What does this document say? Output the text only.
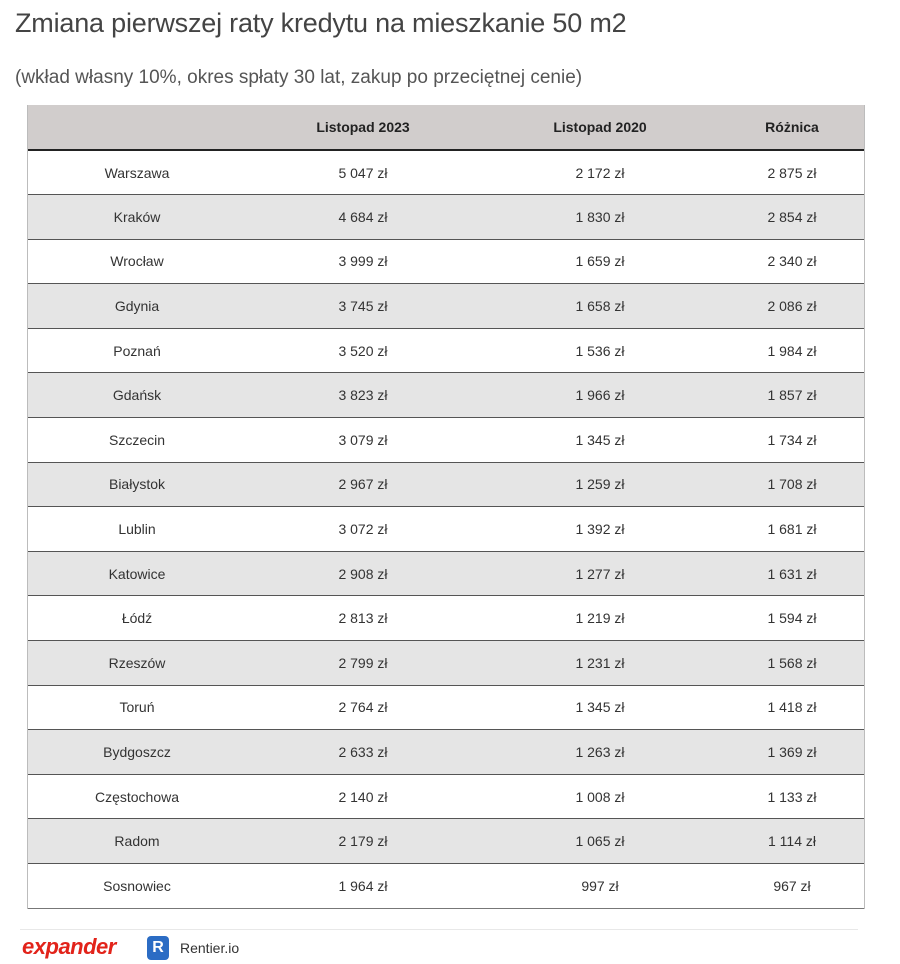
Zmiana pierwszej raty kredytu na mieszkanie 50 m2

(wkład własny 10%, okres spłaty 30 lat, zakup po przeciętnej cenie)

	Listopad 2023	Listopad 2020	Różnica
Warszawa	5 047 zł	2 172 zł	2 875 zł
Kraków	4 684 zł	1 830 zł	2 854 zł
Wrocław	3 999 zł	1 659 zł	2 340 zł
Gdynia	3 745 zł	1 658 zł	2 086 zł
Poznań	3 520 zł	1 536 zł	1 984 zł
Gdańsk	3 823 zł	1 966 zł	1 857 zł
Szczecin	3 079 zł	1 345 zł	1 734 zł
Białystok	2 967 zł	1 259 zł	1 708 zł
Lublin	3 072 zł	1 392 zł	1 681 zł
Katowice	2 908 zł	1 277 zł	1 631 zł
Łódź	2 813 zł	1 219 zł	1 594 zł
Rzeszów	2 799 zł	1 231 zł	1 568 zł
Toruń	2 764 zł	1 345 zł	1 418 zł
Bydgoszcz	2 633 zł	1 263 zł	1 369 zł
Częstochowa	2 140 zł	1 008 zł	1 133 zł
Radom	2 179 zł	1 065 zł	1 114 zł
Sosnowiec	1 964 zł	997 zł	967 zł
expander	R	Rentier.io
